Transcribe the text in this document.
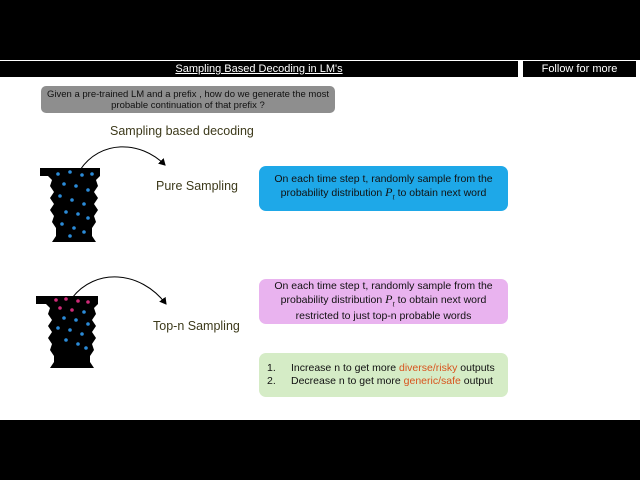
Sampling Based Decoding in LM's	Follow for more
Given a pre-trained LM and a prefix , how do we generate the most probable continuation of that prefix ?
Sampling based decoding
Pure Sampling
Top-n Sampling
On each time step t, randomly sample from the probability distribution $P_t$ to obtain next word
On each time step t, randomly sample from the probability distribution $P_t$ to obtain next word restricted to just top-n probable words
1.	Increase n to get more diverse/risky outputs
2.	Decrease n to get more generic/safe output
